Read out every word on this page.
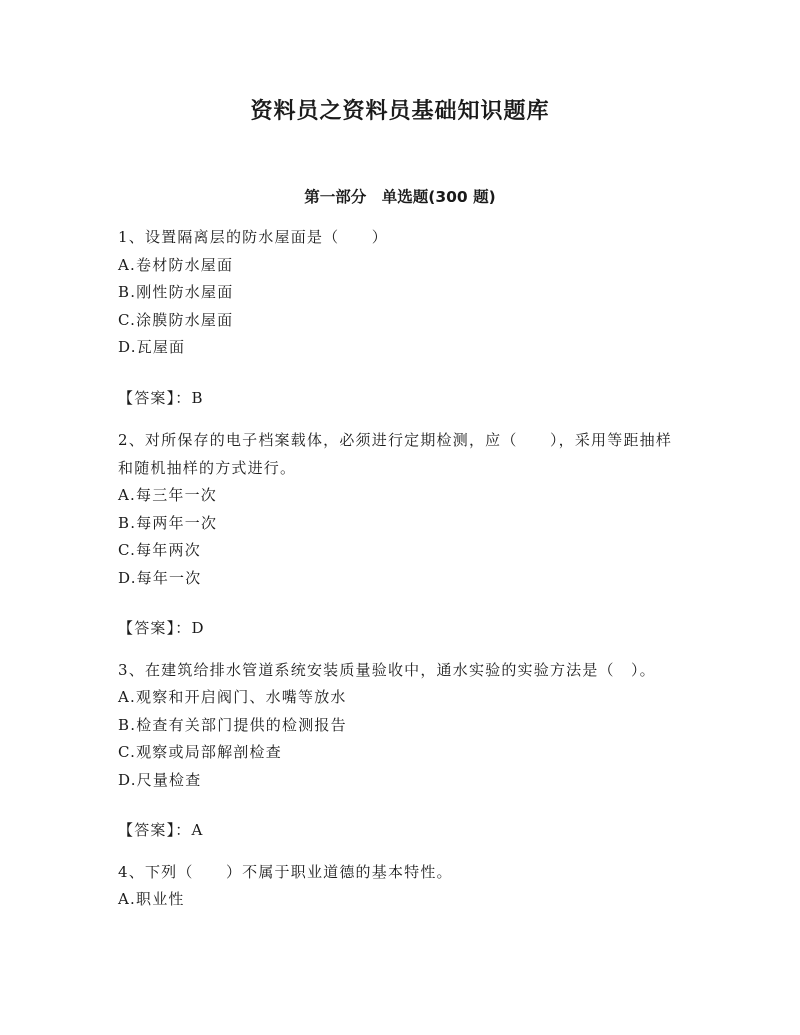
资料员之资料员基础知识题库
第一部分　单选题(300 题)

1、设置隔离层的防水屋面是（　　）

A.卷材防水屋面

B.刚性防水屋面

C.涂膜防水屋面

D.瓦屋面

【答案】：B

2、对所保存的电子档案载体，必须进行定期检测，应（　　），采用等距抽样和随机抽样的方式进行。

A.每三年一次

B.每两年一次

C.每年两次

D.每年一次

【答案】：D

3、在建筑给排水管道系统安装质量验收中，通水实验的实验方法是（　）。

A.观察和开启阀门、水嘴等放水

B.检查有关部门提供的检测报告

C.观察或局部解剖检查

D.尺量检查

【答案】：A

4、下列（　　）不属于职业道德的基本特性。

A.职业性
